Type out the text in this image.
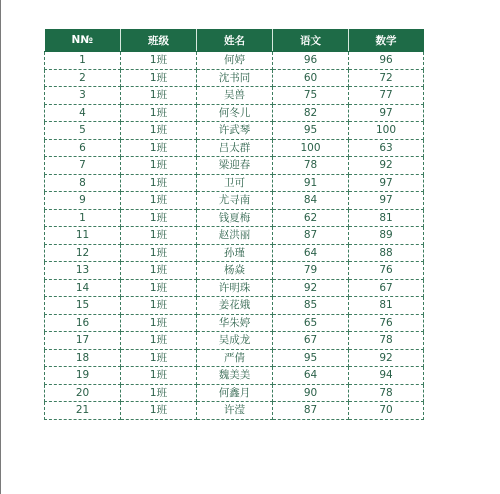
N№	班级	姓名	语文	数学
1	1班	何婷	96	96
2	1班	沈书同	60	72
3	1班	吴兽	75	77
4	1班	何冬儿	82	97
5	1班	许武琴	95	100
6	1班	吕太群	100	63
7	1班	梁迎春	78	92
8	1班	卫可	91	97
9	1班	尤寻南	84	97
1	1班	钱夏梅	62	81
11	1班	赵洪丽	87	89
12	1班	孙瑾	64	88
13	1班	杨焱	79	76
14	1班	许明珠	92	67
15	1班	姜花娥	85	81
16	1班	华朱婷	65	76
17	1班	吴成龙	67	78
18	1班	严倩	95	92
19	1班	魏美美	64	94
20	1班	何鑫月	90	78
21	1班	许滢	87	70
